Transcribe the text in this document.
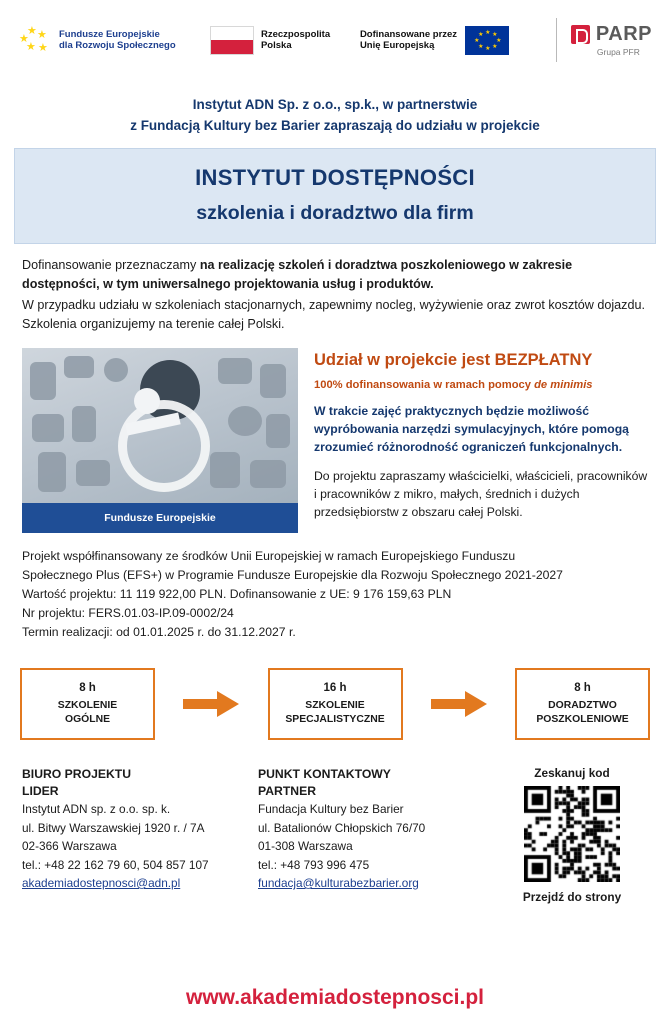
★
★ ★
★ ★
Fundusze Europejskie
dla Rozwoju Społecznego
Rzeczpospolita
Polska
Dofinansowane przez
Unię Europejską
★ ★
★
★
★
★
★
★	PARP
Grupa PFR
Instytut ADN Sp. z o.o., sp.k., w partnerstwie
z Fundacją Kultury bez Barier zapraszają do udziału w projekcie
INSTYTUT DOSTĘPNOŚCI
szkolenia i doradztwo dla firm
Dofinansowanie przeznaczamy na realizację szkoleń i doradztwa poszkoleniowego w zakresie dostępności, w tym uniwersalnego projektowania usług i produktów.
W przypadku udziału w szkoleniach stacjonarnych, zapewnimy nocleg, wyżywienie oraz zwrot kosztów dojazdu. Szkolenia organizujemy na terenie całej Polski.
Fundusze Europejskie
Udział w projekcie jest BEZPŁATNY
100% dofinansowania w ramach pomocy de minimis
W trakcie zajęć praktycznych będzie możliwość wypróbowania narzędzi symulacyjnych, które pomogą zrozumieć różnorodność ograniczeń funkcjonalnych.
Do projektu zapraszamy właścicielki, właścicieli, pracowników i pracowników z mikro, małych, średnich i dużych przedsiębiorstw z obszaru całej Polski.
Projekt współfinansowany ze środków Unii Europejskiej w ramach Europejskiego Funduszu
Społecznego Plus (EFS+) w Programie Fundusze Europejskie dla Rozwoju Społecznego 2021-2027
Wartość projektu: 11 119 922,00 PLN. Dofinansowanie z UE: 9 176 159,63 PLN
Nr projektu: FERS.01.03-IP.09-0002/24
Termin realizacji: od 01.01.2025 r. do 31.12.2027 r.
8 h
SZKOLENIE
OGÓLNE
16 h
SZKOLENIE
SPECJALISTYCZNE
8 h
DORADZTWO
POSZKOLENIOWE
BIURO PROJEKTU
LIDER
Instytut ADN sp. z o.o. sp. k.
ul. Bitwy Warszawskiej 1920 r. / 7A
02-366 Warszawa
tel.: +48 22 162 79 60, 504 857 107
akademiadostepnosci@adn.pl
PUNKT KONTAKTOWY
PARTNER
Fundacja Kultury bez Barier
ul. Batalionów Chłopskich 76/70
01-308 Warszawa
tel.: +48 793 996 475
fundacja@kulturabezbarier.org
Zeskanuj kod
Przejdź do strony
www.akademiadostepnosci.pl
